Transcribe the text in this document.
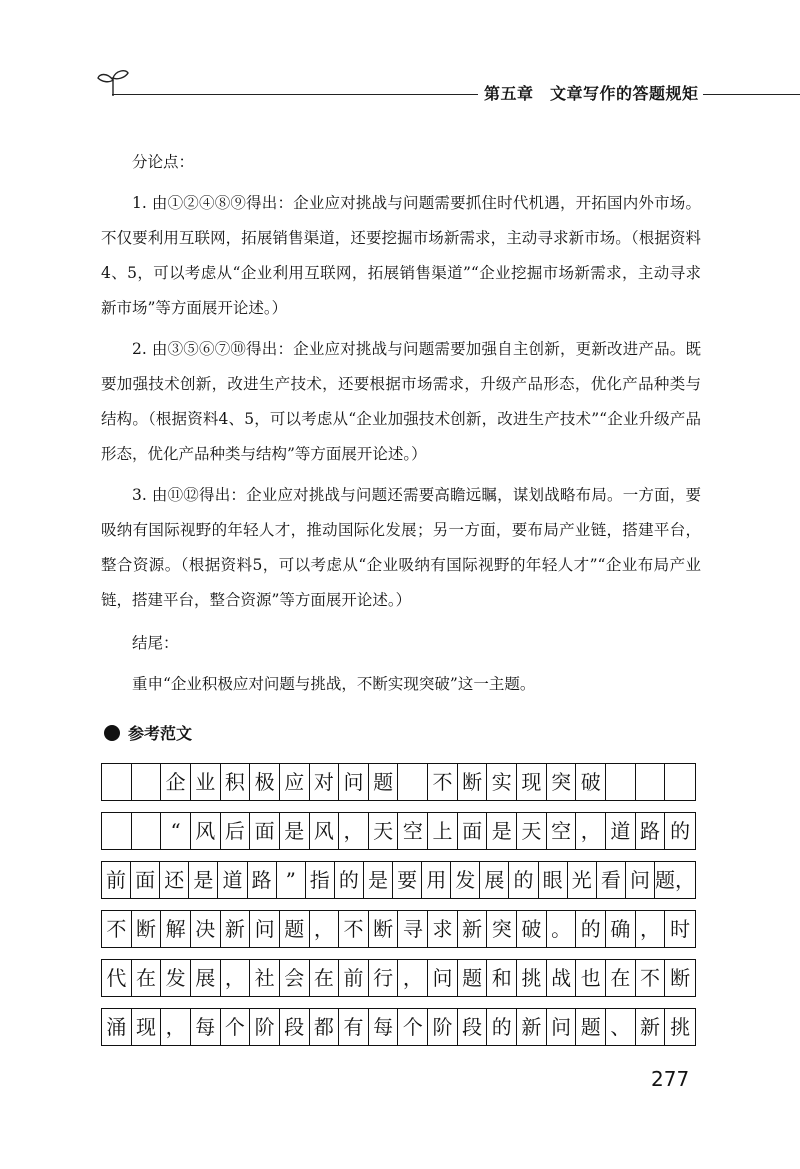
第五章　文章写作的答题规矩

分论点：

1. 由①②④⑧⑨得出：企业应对挑战与问题需要抓住时代机遇，开拓国内外市场。不仅要利用互联网，拓展销售渠道，还要挖掘市场新需求，主动寻求新市场。（根据资料4、5，可以考虑从“企业利用互联网，拓展销售渠道”“企业挖掘市场新需求，主动寻求新市场”等方面展开论述。）

2. 由③⑤⑥⑦⑩得出：企业应对挑战与问题需要加强自主创新，更新改进产品。既要加强技术创新，改进生产技术，还要根据市场需求，升级产品形态，优化产品种类与结构。（根据资料4、5，可以考虑从“企业加强技术创新，改进生产技术”“企业升级产品形态，优化产品种类与结构”等方面展开论述。）

3. 由⑪⑫得出：企业应对挑战与问题还需要高瞻远瞩，谋划战略布局。一方面，要吸纳有国际视野的年轻人才，推动国际化发展；另一方面，要布局产业链，搭建平台，整合资源。（根据资料5，可以考虑从“企业吸纳有国际视野的年轻人才”“企业布局产业链，搭建平台，整合资源”等方面展开论述。）

结尾：

重申“企业积极应对问题与挑战，不断实现突破”这一主题。

参考范文
企 业 积 极 应 对 问 题 不 断 实 现 突 破
“ 风 后 面 是 风 ， 天 空 上 面 是 天 空 ， 道 路 的
前 面 还 是 道 路 ” 指 的 是 要 用 发 展 的 眼 光 看 问 题，
不 断 解 决 新 问 题 ， 不 断 寻 求 新 突 破 。 的 确 ， 时
代 在 发 展 ， 社 会 在 前 行 ， 问 题 和 挑 战 也 在 不 断
涌 现 ， 每 个 阶 段 都 有 每 个 阶 段 的 新 问 题 、 新 挑
277
